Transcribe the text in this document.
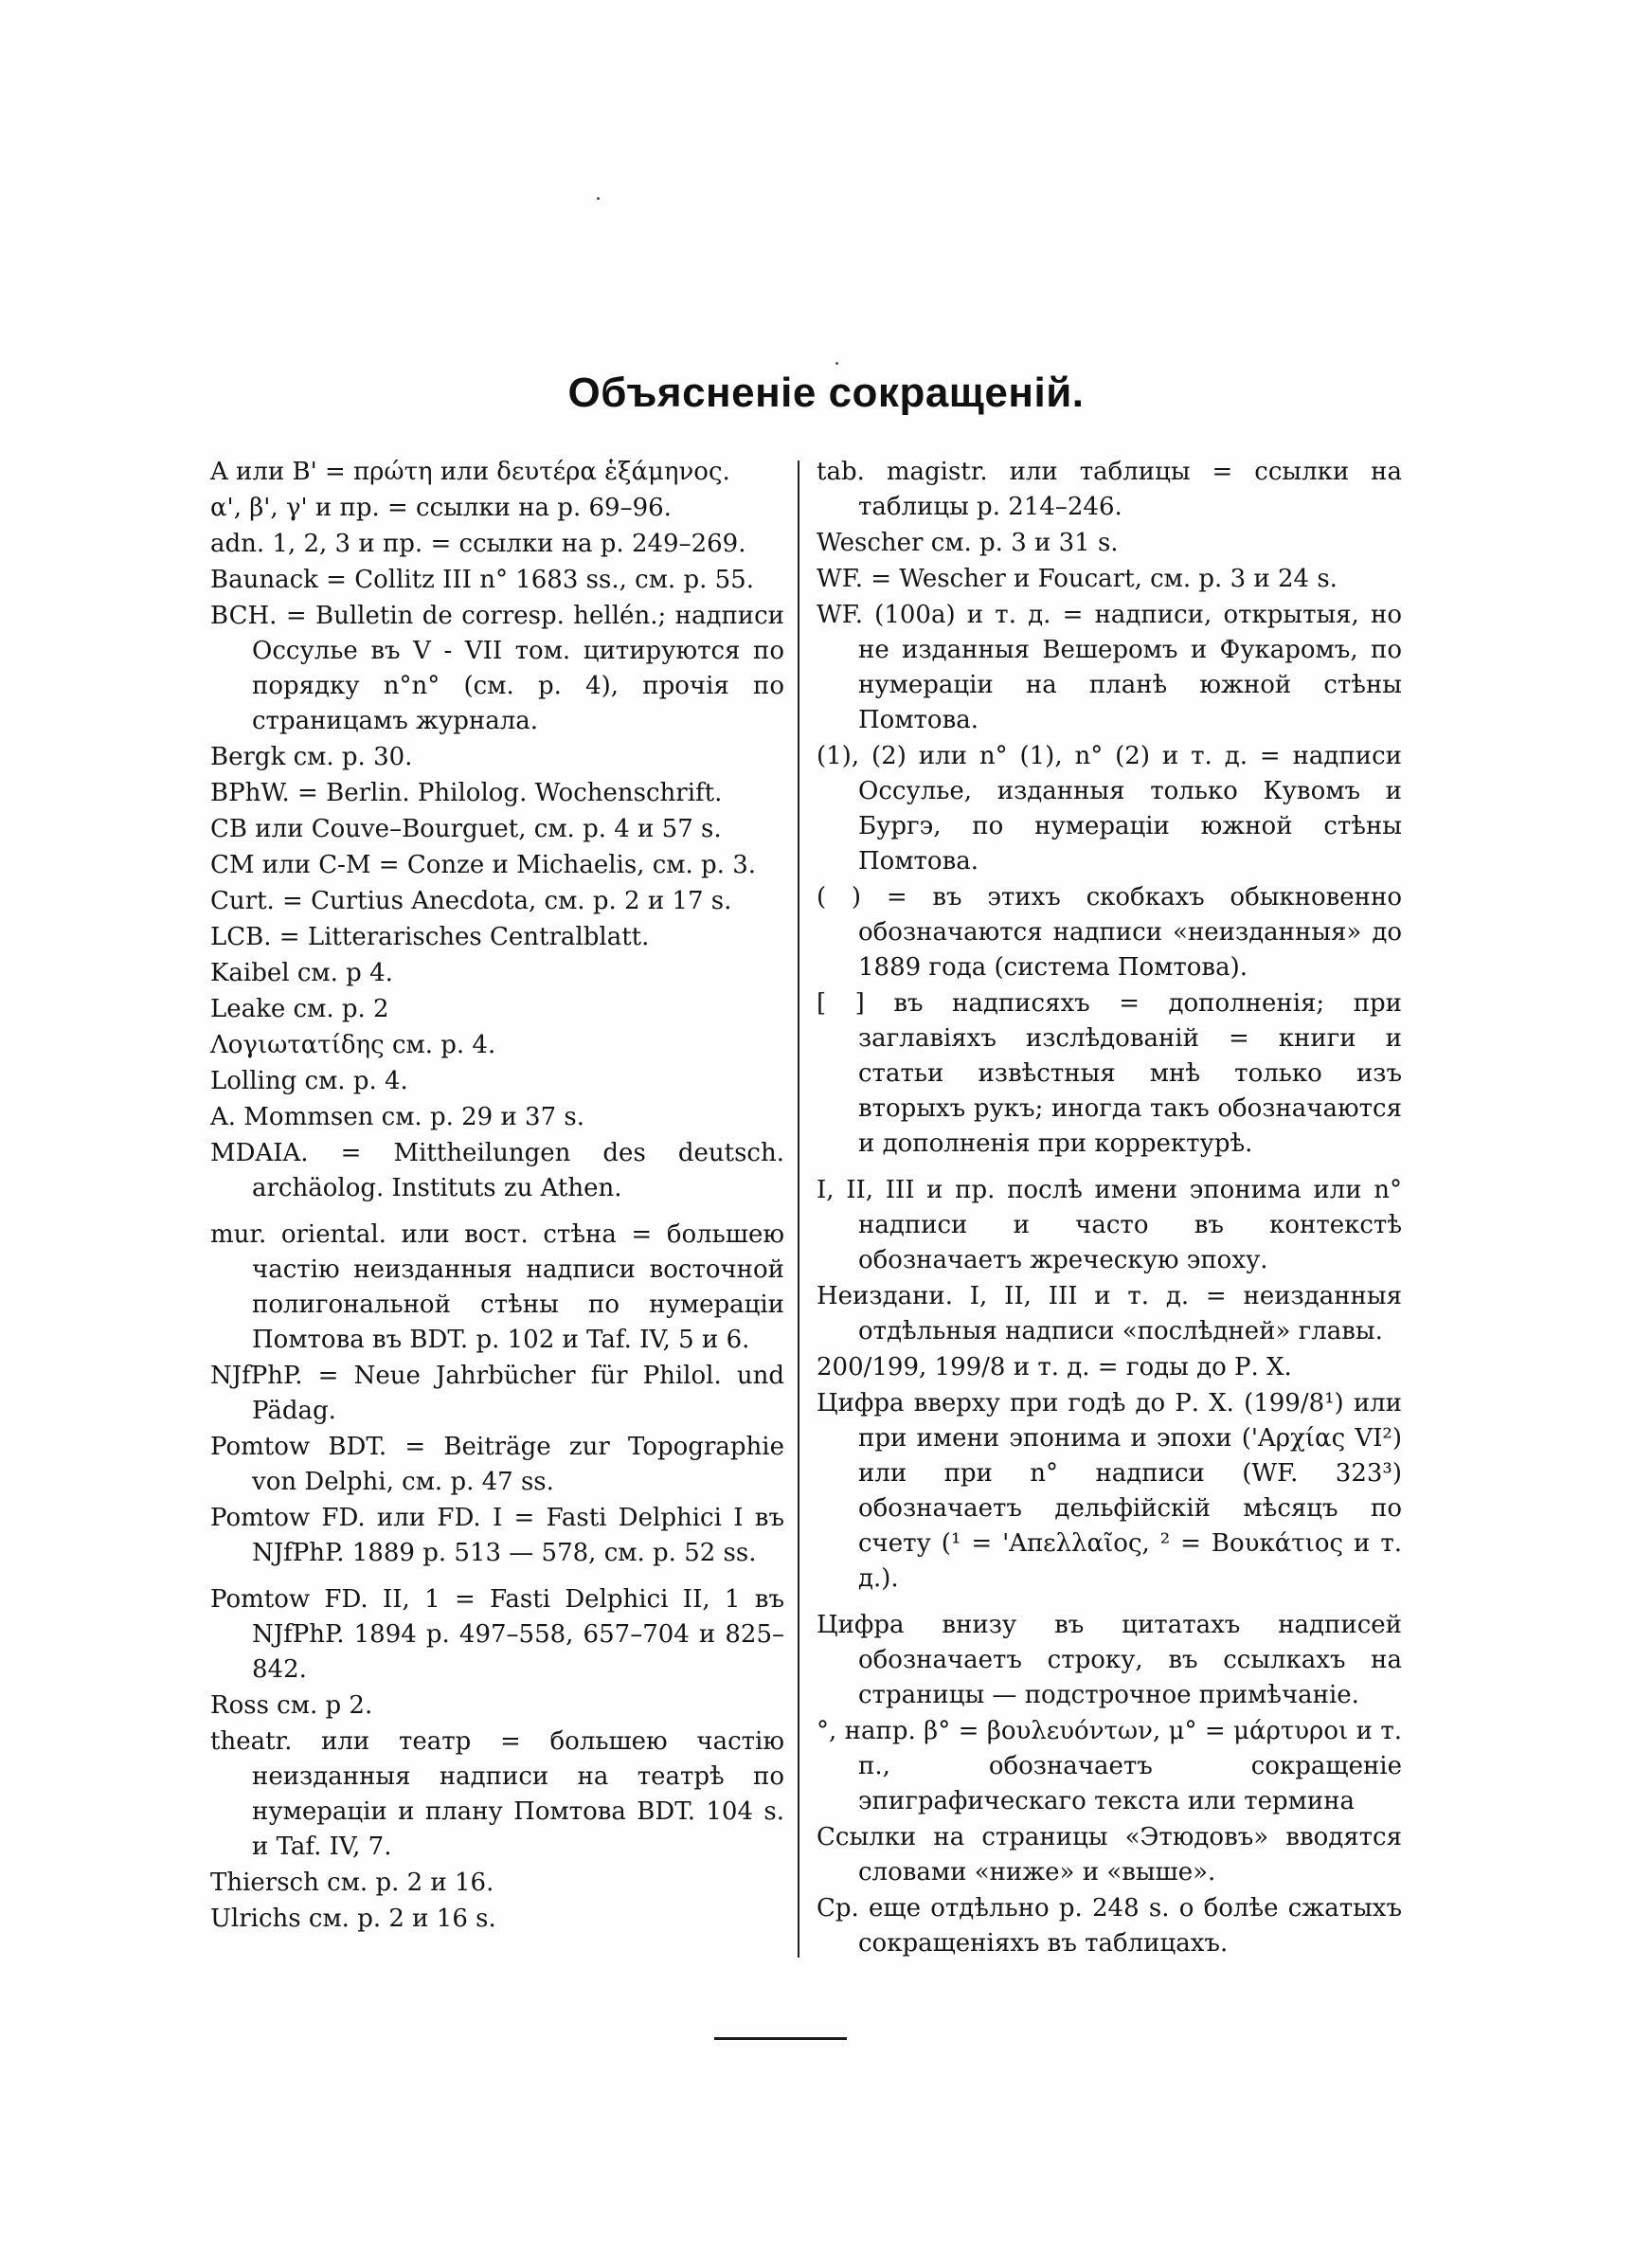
Объясненіе сокращеній.

A или B' = πρώτη или δευτέρα ἑξάμηνος.

α', β', γ' и пр. = ссылки на р. 69–96.

adn. 1, 2, 3 и пр. = ссылки на р. 249–269.

Baunack = Collitz III n° 1683 ss., см. р. 55.

BCH. = Bulletin de corresp. hellén.; надписи Оссулье въ V - VII том. цитируются по порядку n°n° (см. р. 4), прочія по страницамъ журнала.

Bergk см. р. 30.

BPhW. = Berlin. Philolog. Wochenschrift.

CB или Couve–Bourguet, см. р. 4 и 57 s.

CM или C-M = Conze и Michaelis, см. р. 3.

Curt. = Curtius Anecdota, см. р. 2 и 17 s.

LCB. = Litterarisches Centralblatt.

Kaibel см. р 4.

Leake см. р. 2

Λογιωτατίδης см. р. 4.

Lolling см. р. 4.

A. Mommsen см. р. 29 и 37 s.

MDAIA. = Mittheilungen des deutsch. archäolog. Instituts zu Athen.

mur. oriental. или вост. стѣна = большею частію неизданныя надписи восточной полигональной стѣны по нумераціи Помтова въ BDT. р. 102 и Taf. IV, 5 и 6.

NJfPhP. = Neue Jahrbücher für Philol. und Pädag.

Pomtow BDT. = Beiträge zur Topographie von Delphi, см. р. 47 ss.

Pomtow FD. или FD. I = Fasti Delphici I въ NJfPhP. 1889 р. 513 — 578, см. р. 52 ss.

Pomtow FD. II, 1 = Fasti Delphici II, 1 въ NJfPhP. 1894 р. 497–558, 657–704 и 825–842.

Ross см. р 2.

theatr. или театр = большею частію неизданныя надписи на театрѣ по нумераціи и плану Помтова BDT. 104 s. и Taf. IV, 7.

Thiersch см. р. 2 и 16.

Ulrichs см. р. 2 и 16 s.

tab. magistr. или таблицы = ссылки на таблицы р. 214–246.

Wescher см. р. 3 и 31 s.

WF. = Wescher и Foucart, см. р. 3 и 24 s.

WF. (100a) и т. д. = надписи, открытыя, но не изданныя Вешеромъ и Фукаромъ, по нумераціи на планѣ южной стѣны Помтова.

(1), (2) или n° (1), n° (2) и т. д. = надписи Оссулье, изданныя только Кувомъ и Бургэ, по нумераціи южной стѣны Помтова.

( ) = въ этихъ скобкахъ обыкновенно обозначаются надписи «неизданныя» до 1889 года (система Помтова).

[ ] въ надписяхъ = дополненія; при заглавіяхъ изслѣдованій = книги и статьи извѣстныя мнѣ только изъ вторыхъ рукъ; иногда такъ обозначаются и дополненія при корректурѣ.

I, II, III и пр. послѣ имени эпонима или n° надписи и часто въ контекстѣ обозначаетъ жреческую эпоху.

Неиздани. I, II, III и т. д. = неизданныя отдѣльныя надписи «послѣдней» главы.

200/199, 199/8 и т. д. = годы до Р. X.

Цифра вверху при годѣ до Р. X. (199/8¹) или при имени эпонима и эпохи ('Αρχίας VI²) или при n° надписи (WF. 323³) обозначаетъ дельфійскій мѣсяцъ по счету (¹ = 'Απελλαῖος, ² = Βουκάτιος и т. д.).

Цифра внизу въ цитатахъ надписей обозначаетъ строку, въ ссылкахъ на страницы — подстрочное примѣчаніе.

°, напр. β° = βουλευόντων, μ° = μάρτυροι и т. п., обозначаетъ сокращеніе эпиграфическаго текста или термина

Ссылки на страницы «Этюдовъ» вводятся словами «ниже» и «выше».

Ср. еще отдѣльно р. 248 s. о болѣе сжатыхъ сокращеніяхъ въ таблицахъ.
